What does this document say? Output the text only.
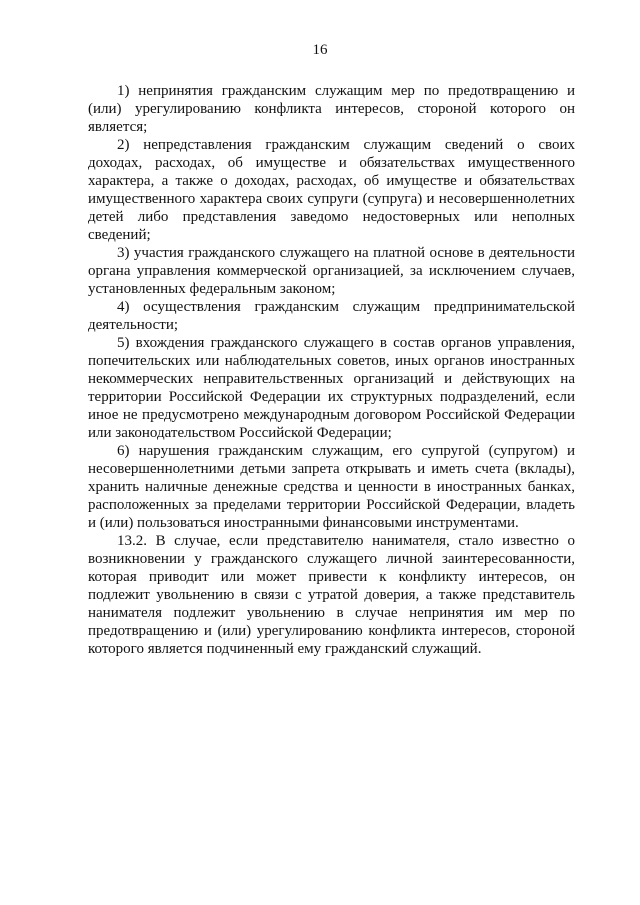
16
1) непринятия гражданским служащим мер по предотвращению и
(или) урегулированию конфликта интересов, стороной которого он
является;
2) непредставления гражданским служащим сведений о своих
доходах, расходах, об имуществе и обязательствах имущественного
характера, а также о доходах, расходах, об имуществе и обязательствах
имущественного характера своих супруги (супруга) и несовершеннолетних
детей либо представления заведомо недостоверных или неполных
сведений;
3) участия гражданского служащего на платной основе в деятельности
органа управления коммерческой организацией, за исключением случаев,
установленных федеральным законом;
4) осуществления гражданским служащим предпринимательской
деятельности;
5) вхождения гражданского служащего в состав органов управления,
попечительских или наблюдательных советов, иных органов иностранных
некоммерческих неправительственных организаций и действующих на
территории Российской Федерации их структурных подразделений, если
иное не предусмотрено международным договором Российской Федерации
или законодательством Российской Федерации;
6) нарушения гражданским служащим, его супругой (супругом) и
несовершеннолетними детьми запрета открывать и иметь счета (вклады),
хранить наличные денежные средства и ценности в иностранных банках,
расположенных за пределами территории Российской Федерации, владеть
и (или) пользоваться иностранными финансовыми инструментами.
13.2. В случае, если представителю нанимателя, стало известно о
возникновении у гражданского служащего личной заинтересованности,
которая приводит или может привести к конфликту интересов, он
подлежит увольнению в связи с утратой доверия, а также представитель
нанимателя подлежит увольнению в случае непринятия им мер по
предотвращению и (или) урегулированию конфликта интересов, стороной
которого является подчиненный ему гражданский служащий.
